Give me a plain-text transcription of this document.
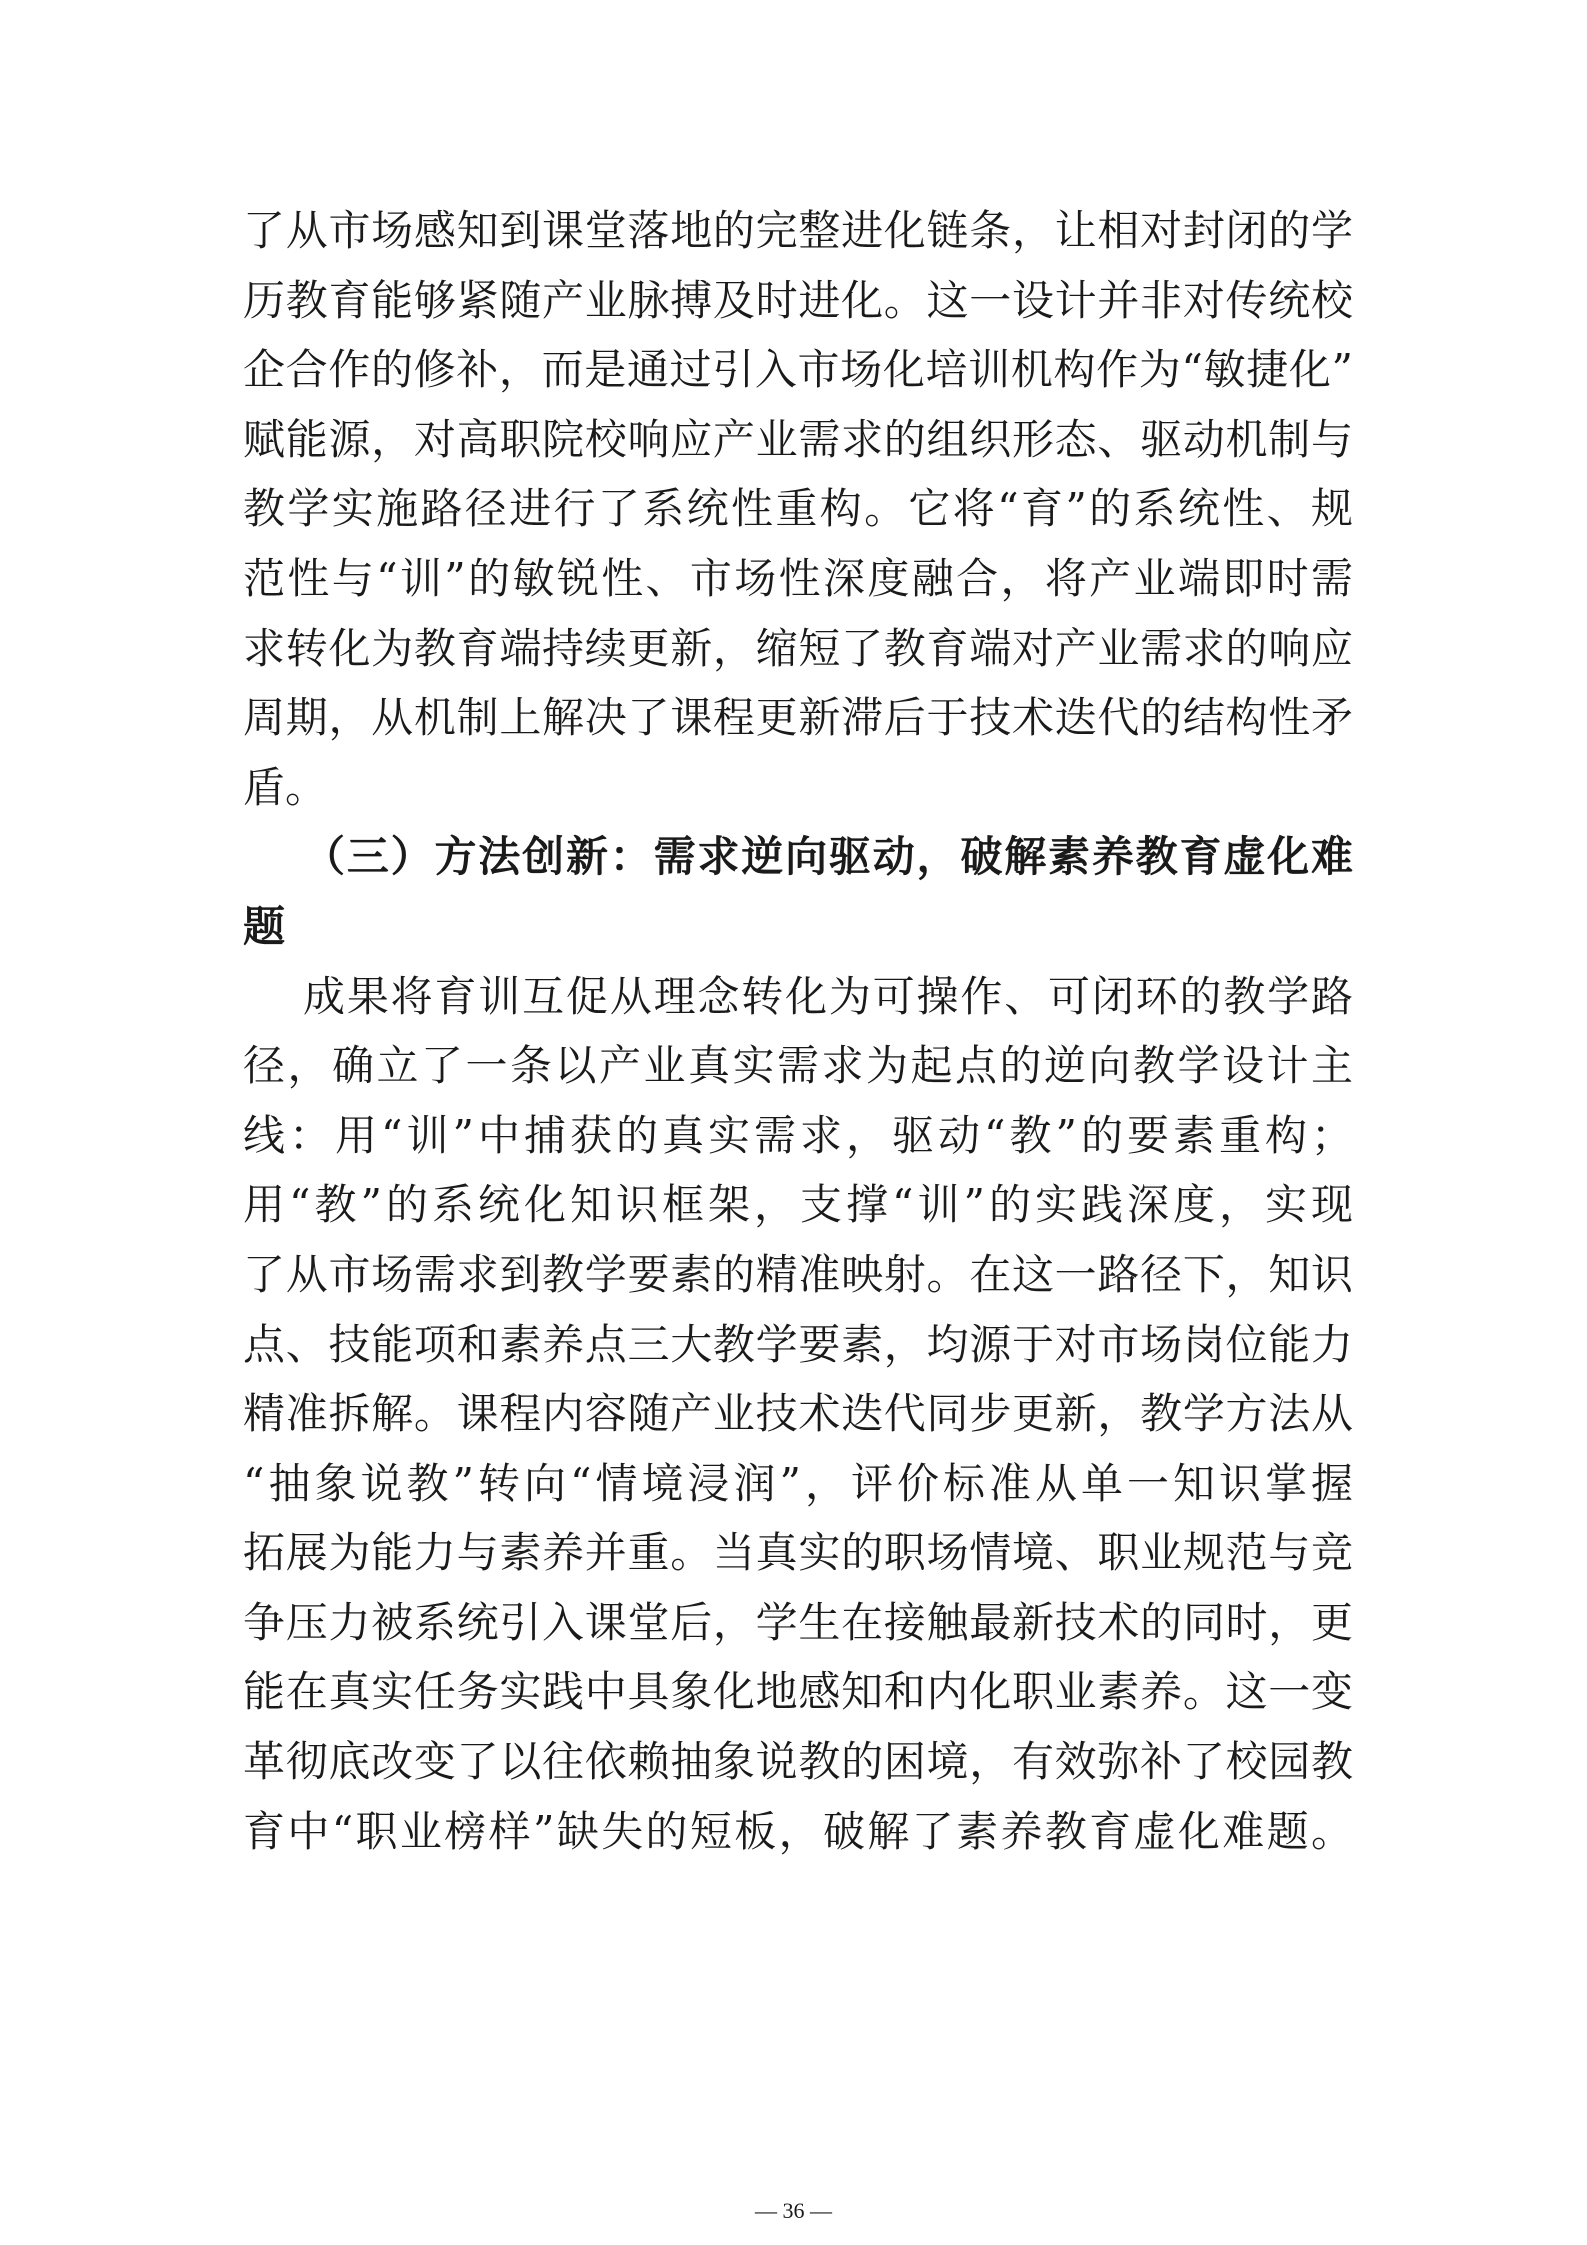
了从市场感知到课堂落地的完整进化链条，让相对封闭的学
历教育能够紧随产业脉搏及时进化。这一设计并非对传统校
企合作的修补，而是通过引入市场化培训机构作为“敏捷化”
赋能源，对高职院校响应产业需求的组织形态、驱动机制与
教学实施路径进行了系统性重构。它将“育”的系统性、规
范性与“训”的敏锐性、市场性深度融合，将产业端即时需
求转化为教育端持续更新，缩短了教育端对产业需求的响应
周期，从机制上解决了课程更新滞后于技术迭代的结构性矛
盾。
（三）方法创新：需求逆向驱动，破解素养教育虚化难
题
成果将育训互促从理念转化为可操作、可闭环的教学路
径，确立了一条以产业真实需求为起点的逆向教学设计主
线：用“训”中捕获的真实需求，驱动“教”的要素重构；
用“教”的系统化知识框架，支撑“训”的实践深度，实现
了从市场需求到教学要素的精准映射。在这一路径下，知识
点、技能项和素养点三大教学要素，均源于对市场岗位能力
精准拆解。课程内容随产业技术迭代同步更新，教学方法从
“抽象说教”转向“情境浸润”，评价标准从单一知识掌握
拓展为能力与素养并重。当真实的职场情境、职业规范与竞
争压力被系统引入课堂后，学生在接触最新技术的同时，更
能在真实任务实践中具象化地感知和内化职业素养。这一变
革彻底改变了以往依赖抽象说教的困境，有效弥补了校园教
育中“职业榜样”缺失的短板，破解了素养教育虚化难题。
— 36 —
